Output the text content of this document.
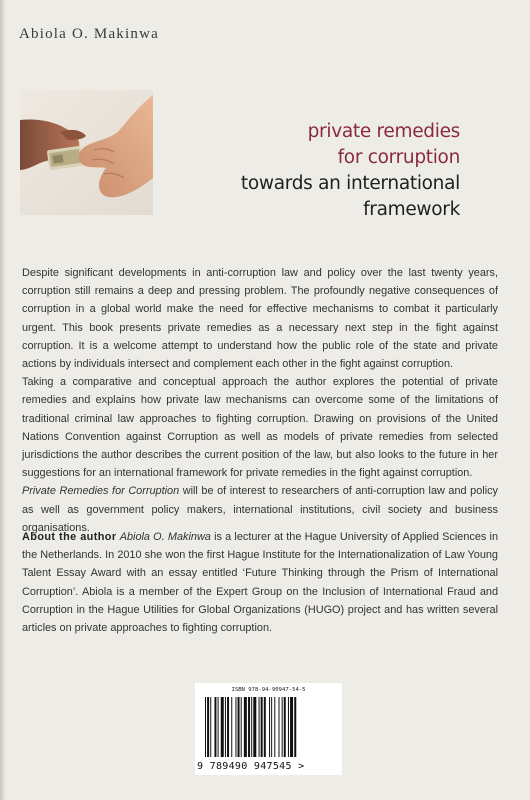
Abiola O. Makinwa
private remedies
for corruption
towards an international
framework

Despite significant developments in anti-corruption law and policy over the last twenty years, corruption still remains a deep and pressing problem. The profoundly negative consequences of corruption in a global world make the need for effective mechanisms to combat it particularly urgent. This book presents private remedies as a necessary next step in the fight against corruption. It is a welcome attempt to understand how the public role of the state and private actions by individuals intersect and complement each other in the fight against corruption.

Taking a comparative and conceptual approach the author explores the potential of private remedies and explains how private law mechanisms can overcome some of the limitations of traditional criminal law approaches to fighting corruption. Drawing on provisions of the United Nations Convention against Corruption as well as models of private remedies from selected jurisdictions the author describes the current position of the law, but also looks to the future in her suggestions for an international framework for private remedies in the fight against corruption.

Private Remedies for Corruption will be of interest to researchers of anti-corruption law and policy as well as government policy makers, international institutions, civil society and business organisations.

About the author Abiola O. Makinwa is a lecturer at the Hague University of Applied Sciences in the Netherlands. In 2010 she won the first Hague Institute for the Internationalization of Law Young Talent Essay Award with an essay entitled ‘Future Thinking through the Prism of International Corruption’. Abiola is a member of the Expert Group on the Inclusion of International Fraud and Corruption in the Hague Utilities for Global Organizations (HUGO) project and has written several articles on private approaches to fighting corruption.
ISBN 978-94-90947-54-5
9 789490 947545 >
